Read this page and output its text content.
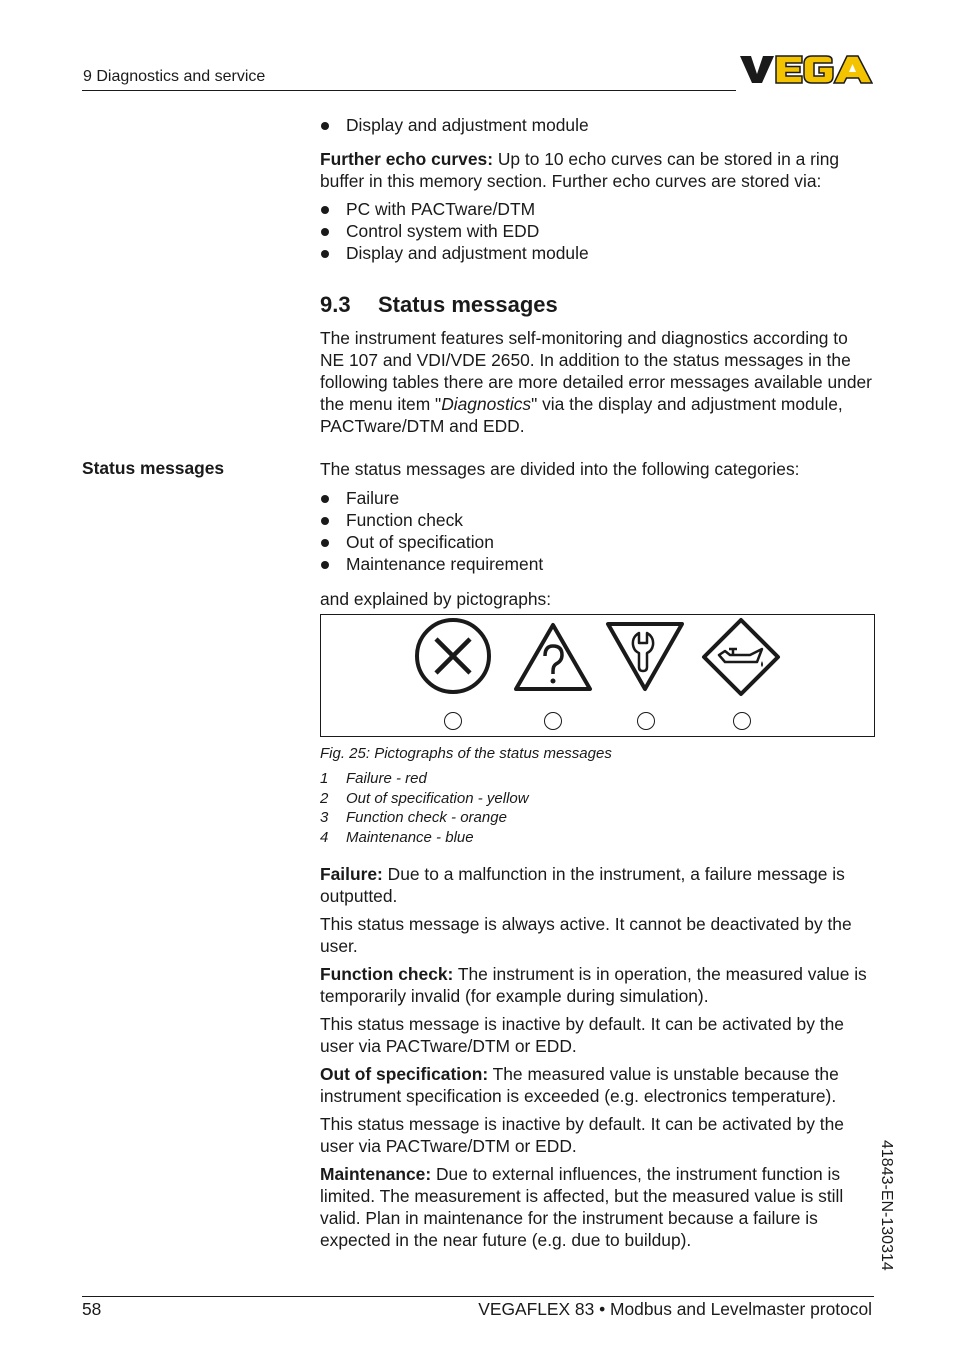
9 Diagnostics and service
Display and adjustment module

Further echo curves: Up to 10 echo curves can be stored in a ring buffer in this memory section. Further echo curves are stored via:

PC with PACTware/DTM
Control system with EDD
Display and adjustment module
9.3 Status messages

The instrument features self-monitoring and diagnostics according to NE 107 and VDI/VDE 2650. In addition to the status messages in the following tables there are more detailed error messages available under the menu item "Diagnostics" via the display and adjustment module, PACTware/DTM and EDD.

Status messages	The status messages are divided into the following categories:
Failure
Function check
Out of specification
Maintenance requirement
and explained by pictographs:
Fig. 25: Pictographs of the status messages
1	Failure - red
2	Out of specification - yellow
3	Function check - orange
4	Maintenance - blue

Failure: Due to a malfunction in the instrument, a failure message is outputted.

This status message is always active. It cannot be deactivated by the user.

Function check: The instrument is in operation, the measured value is temporarily invalid (for example during simulation).

This status message is inactive by default. It can be activated by the user via PACTware/DTM or EDD.

Out of specification: The measured value is unstable because the instrument specification is exceeded (e.g. electronics temperature).

This status message is inactive by default. It can be activated by the user via PACTware/DTM or EDD.

Maintenance: Due to external influences, the instrument function is limited. The measurement is affected, but the measured value is still valid. Plan in maintenance for the instrument because a failure is expected in the near future (e.g. due to buildup).	41843-EN-130314
58	VEGAFLEX 83 • Modbus and Levelmaster protocol
